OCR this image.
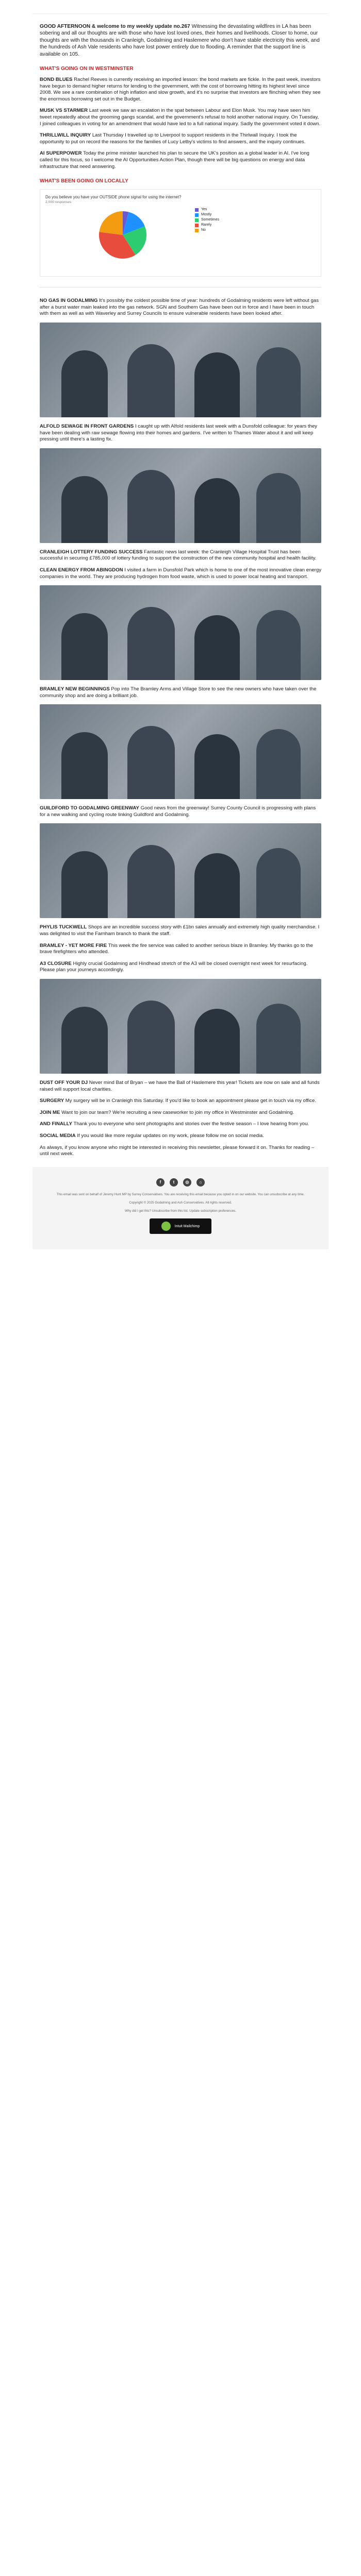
GOOD AFTERNOON & welcome to my weekly update no.267 Witnessing the devastating wildfires in LA has been sobering and all our thoughts are with those who have lost loved ones, their homes and livelihoods. Closer to home, our thoughts are with the thousands in Cranleigh, Godalming and Haslemere who don't have stable electricity this week, and the hundreds of Ash Vale residents who have lost power entirely due to flooding. A reminder that the support line is available on 105.
WHAT'S GOING ON IN WESTMINSTER

BOND BLUES Rachel Reeves is currently receiving an imported lesson: the bond markets are fickle. In the past week, investors have begun to demand higher returns for lending to the government, with the cost of borrowing hitting its highest level since 2008. We see a rare combination of high inflation and slow growth, and it's no surprise that investors are flinching when they see the enormous borrowing set out in the Budget.

MUSK VS STARMER Last week we saw an escalation in the spat between Labour and Elon Musk. You may have seen him tweet repeatedly about the grooming gangs scandal, and the government's refusal to hold another national inquiry. On Tuesday, I joined colleagues in voting for an amendment that would have led to a full national inquiry. Sadly the government voted it down.

THRILLWILL INQUIRY Last Thursday I travelled up to Liverpool to support residents in the Thirlwall Inquiry. I took the opportunity to put on record the reasons for the families of Lucy Letby's victims to find answers, and the inquiry continues.

AI SUPERPOWER Today the prime minister launched his plan to secure the UK's position as a global leader in AI. I've long called for this focus, so I welcome the AI Opportunities Action Plan, though there will be big questions on energy and data infrastructure that need answering.

WHAT'S BEEN GOING ON LOCALLY
Do you believe you have your OUTSIDE phone signal for using the internet?
2,000 responses
Yes
Mostly
Sometimes
Rarely
No

NO GAS IN GODALMING It's possibly the coldest possible time of year: hundreds of Godalming residents were left without gas after a burst water main leaked into the gas network. SGN and Southern Gas have been out in force and I have been in touch with them as well as with Waverley and Surrey Councils to ensure vulnerable residents have been looked after.

ALFOLD SEWAGE IN FRONT GARDENS I caught up with Alfold residents last week with a Dunsfold colleague: for years they have been dealing with raw sewage flowing into their homes and gardens. I've written to Thames Water about it and will keep pressing until there's a lasting fix.

CRANLEIGH LOTTERY FUNDING SUCCESS Fantastic news last week: the Cranleigh Village Hospital Trust has been successful in securing £785,000 of lottery funding to support the construction of the new community hospital and health facility.

CLEAN ENERGY FROM ABINGDON I visited a farm in Dunsfold Park which is home to one of the most innovative clean energy companies in the world. They are producing hydrogen from food waste, which is used to power local heating and transport.

BRAMLEY NEW BEGINNINGS Pop into The Bramley Arms and Village Store to see the new owners who have taken over the community shop and are doing a brilliant job.

GUILDFORD TO GODALMING GREENWAY Good news from the greenway! Surrey County Council is progressing with plans for a new walking and cycling route linking Guildford and Godalming.

PHYLIS TUCKWELL Shops are an incredible success story with £1bn sales annually and extremely high quality merchandise. I was delighted to visit the Farnham branch to thank the staff.

BRAMLEY - YET MORE FIRE This week the fire service was called to another serious blaze in Bramley. My thanks go to the brave firefighters who attended.

A3 CLOSURE Highly crucial Godalming and Hindhead stretch of the A3 will be closed overnight next week for resurfacing. Please plan your journeys accordingly.

DUST OFF YOUR DJ Never mind Bat of Bryan – we have the Ball of Haslemere this year! Tickets are now on sale and all funds raised will support local charities.

SURGERY My surgery will be in Cranleigh this Saturday. If you'd like to book an appointment please get in touch via my office.

JOIN ME Want to join our team? We're recruiting a new caseworker to join my office in Westminster and Godalming.

AND FINALLY Thank you to everyone who sent photographs and stories over the festive season – I love hearing from you.

SOCIAL MEDIA If you would like more regular updates on my work, please follow me on social media.

As always, if you know anyone who might be interested in receiving this newsletter, please forward it on. Thanks for reading – until next week.

f	t	◎	⌂

This email was sent on behalf of Jeremy Hunt MP by Surrey Conservatives. You are receiving this email because you opted in on our website. You can unsubscribe at any time.

Copyright © 2025 Godalming and Ash Conservatives. All rights reserved.

Why did I get this? Unsubscribe from this list. Update subscription preferences.

Intuit Mailchimp
